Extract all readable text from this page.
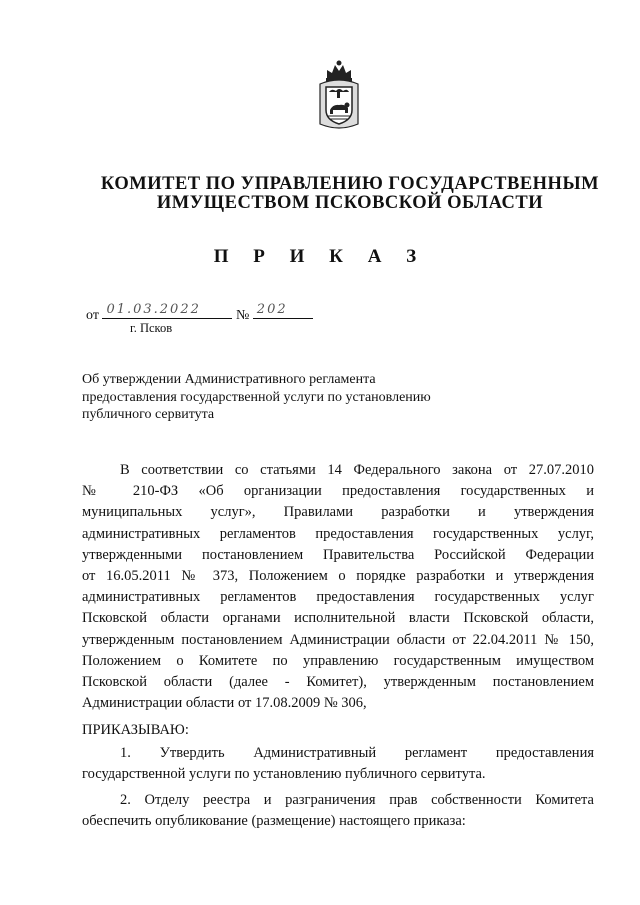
КОМИТЕТ ПО УПРАВЛЕНИЮ ГОСУДАРСТВЕННЫМ
ИМУЩЕСТВОМ ПСКОВСКОЙ ОБЛАСТИ
П Р И К А З
от 01.03.2022	№ 202
г. Псков
Об утверждении Административного регламента
предоставления государственной услуги по установлению
публичного сервитута
В соответствии со статьями 14 Федерального закона от 27.07.2010
№ 210-ФЗ «Об организации предоставления государственных и
муниципальных услуг», Правилами разработки и утверждения
административных регламентов предоставления государственных услуг,
утвержденными постановлением Правительства Российской Федерации
от 16.05.2011 № 373, Положением о порядке разработки и утверждения
административных регламентов предоставления государственных услуг
Псковской области органами исполнительной власти Псковской области,
утвержденным постановлением Администрации области от 22.04.2011 № 150,
Положением о Комитете по управлению государственным имуществом
Псковской области (далее - Комитет), утвержденным постановлением
Администрации области от 17.08.2009 № 306,
ПРИКАЗЫВАЮ:
1. Утвердить Административный регламент предоставления
государственной услуги по установлению публичного сервитута.
2. Отделу реестра и разграничения прав собственности Комитета
обеспечить опубликование (размещение) настоящего приказа:
